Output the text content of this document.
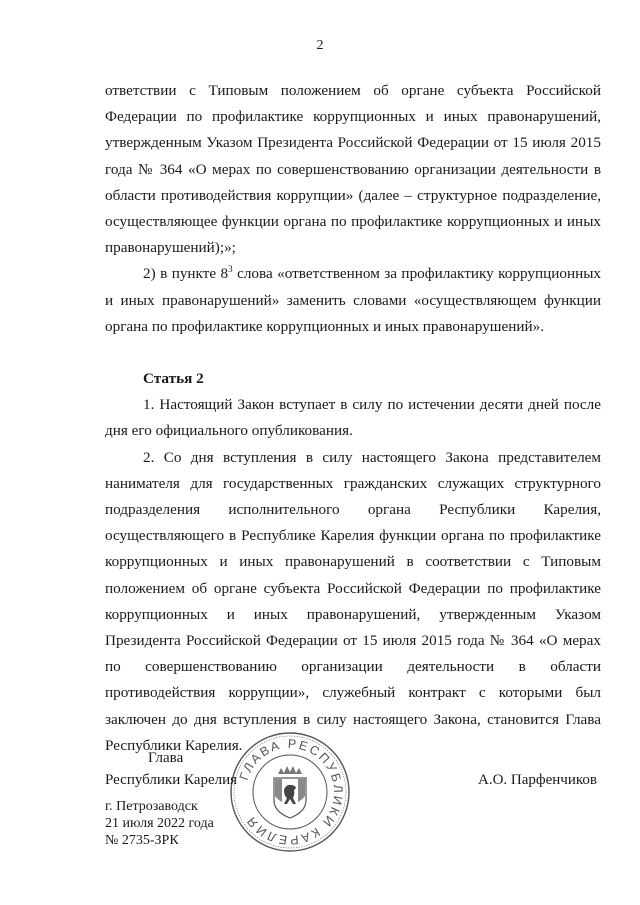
2

ответствии с Типовым положением об органе субъекта Российской Федерации по профилактике коррупционных и иных правонарушений, утвержденным Указом Президента Российской Федерации от 15 июля 2015 года № 364 «О мерах по совершенствованию организации деятельности в области противодействия коррупции» (далее – структурное подразделение, осуществляющее функции органа по профилактике коррупционных и иных правонарушений);»;

2) в пункте $8^3$ слова «ответственном за профилактику коррупционных и иных правонарушений» заменить словами «осуществляющем функции органа по профилактике коррупционных и иных правонарушений».

Статья 2

1. Настоящий Закон вступает в силу по истечении десяти дней после дня его официального опубликования.

2. Со дня вступления в силу настоящего Закона представителем нанимателя для государственных гражданских служащих структурного подразделения исполнительного органа Республики Карелия, осуществляющего в Республике Карелия функции органа по профилактике коррупционных и иных правонарушений в соответствии с Типовым положением об органе субъекта Российской Федерации по профилактике коррупционных и иных правонарушений, утвержденным Указом Президента Российской Федерации от 15 июля 2015 года № 364 «О мерах по совершенствованию организации деятельности в области противодействия коррупции», служебный контракт с которыми был заключен до дня вступления в силу настоящего Закона, становится Глава Республики Карелия.

Глава
Республики Карелия	А.О. Парфенчиков
г. Петрозаводск
21 июля 2022 года
№ 2735-ЗРК
ГЛАВА РЕСПУБЛИКИ КАРЕЛИЯ
